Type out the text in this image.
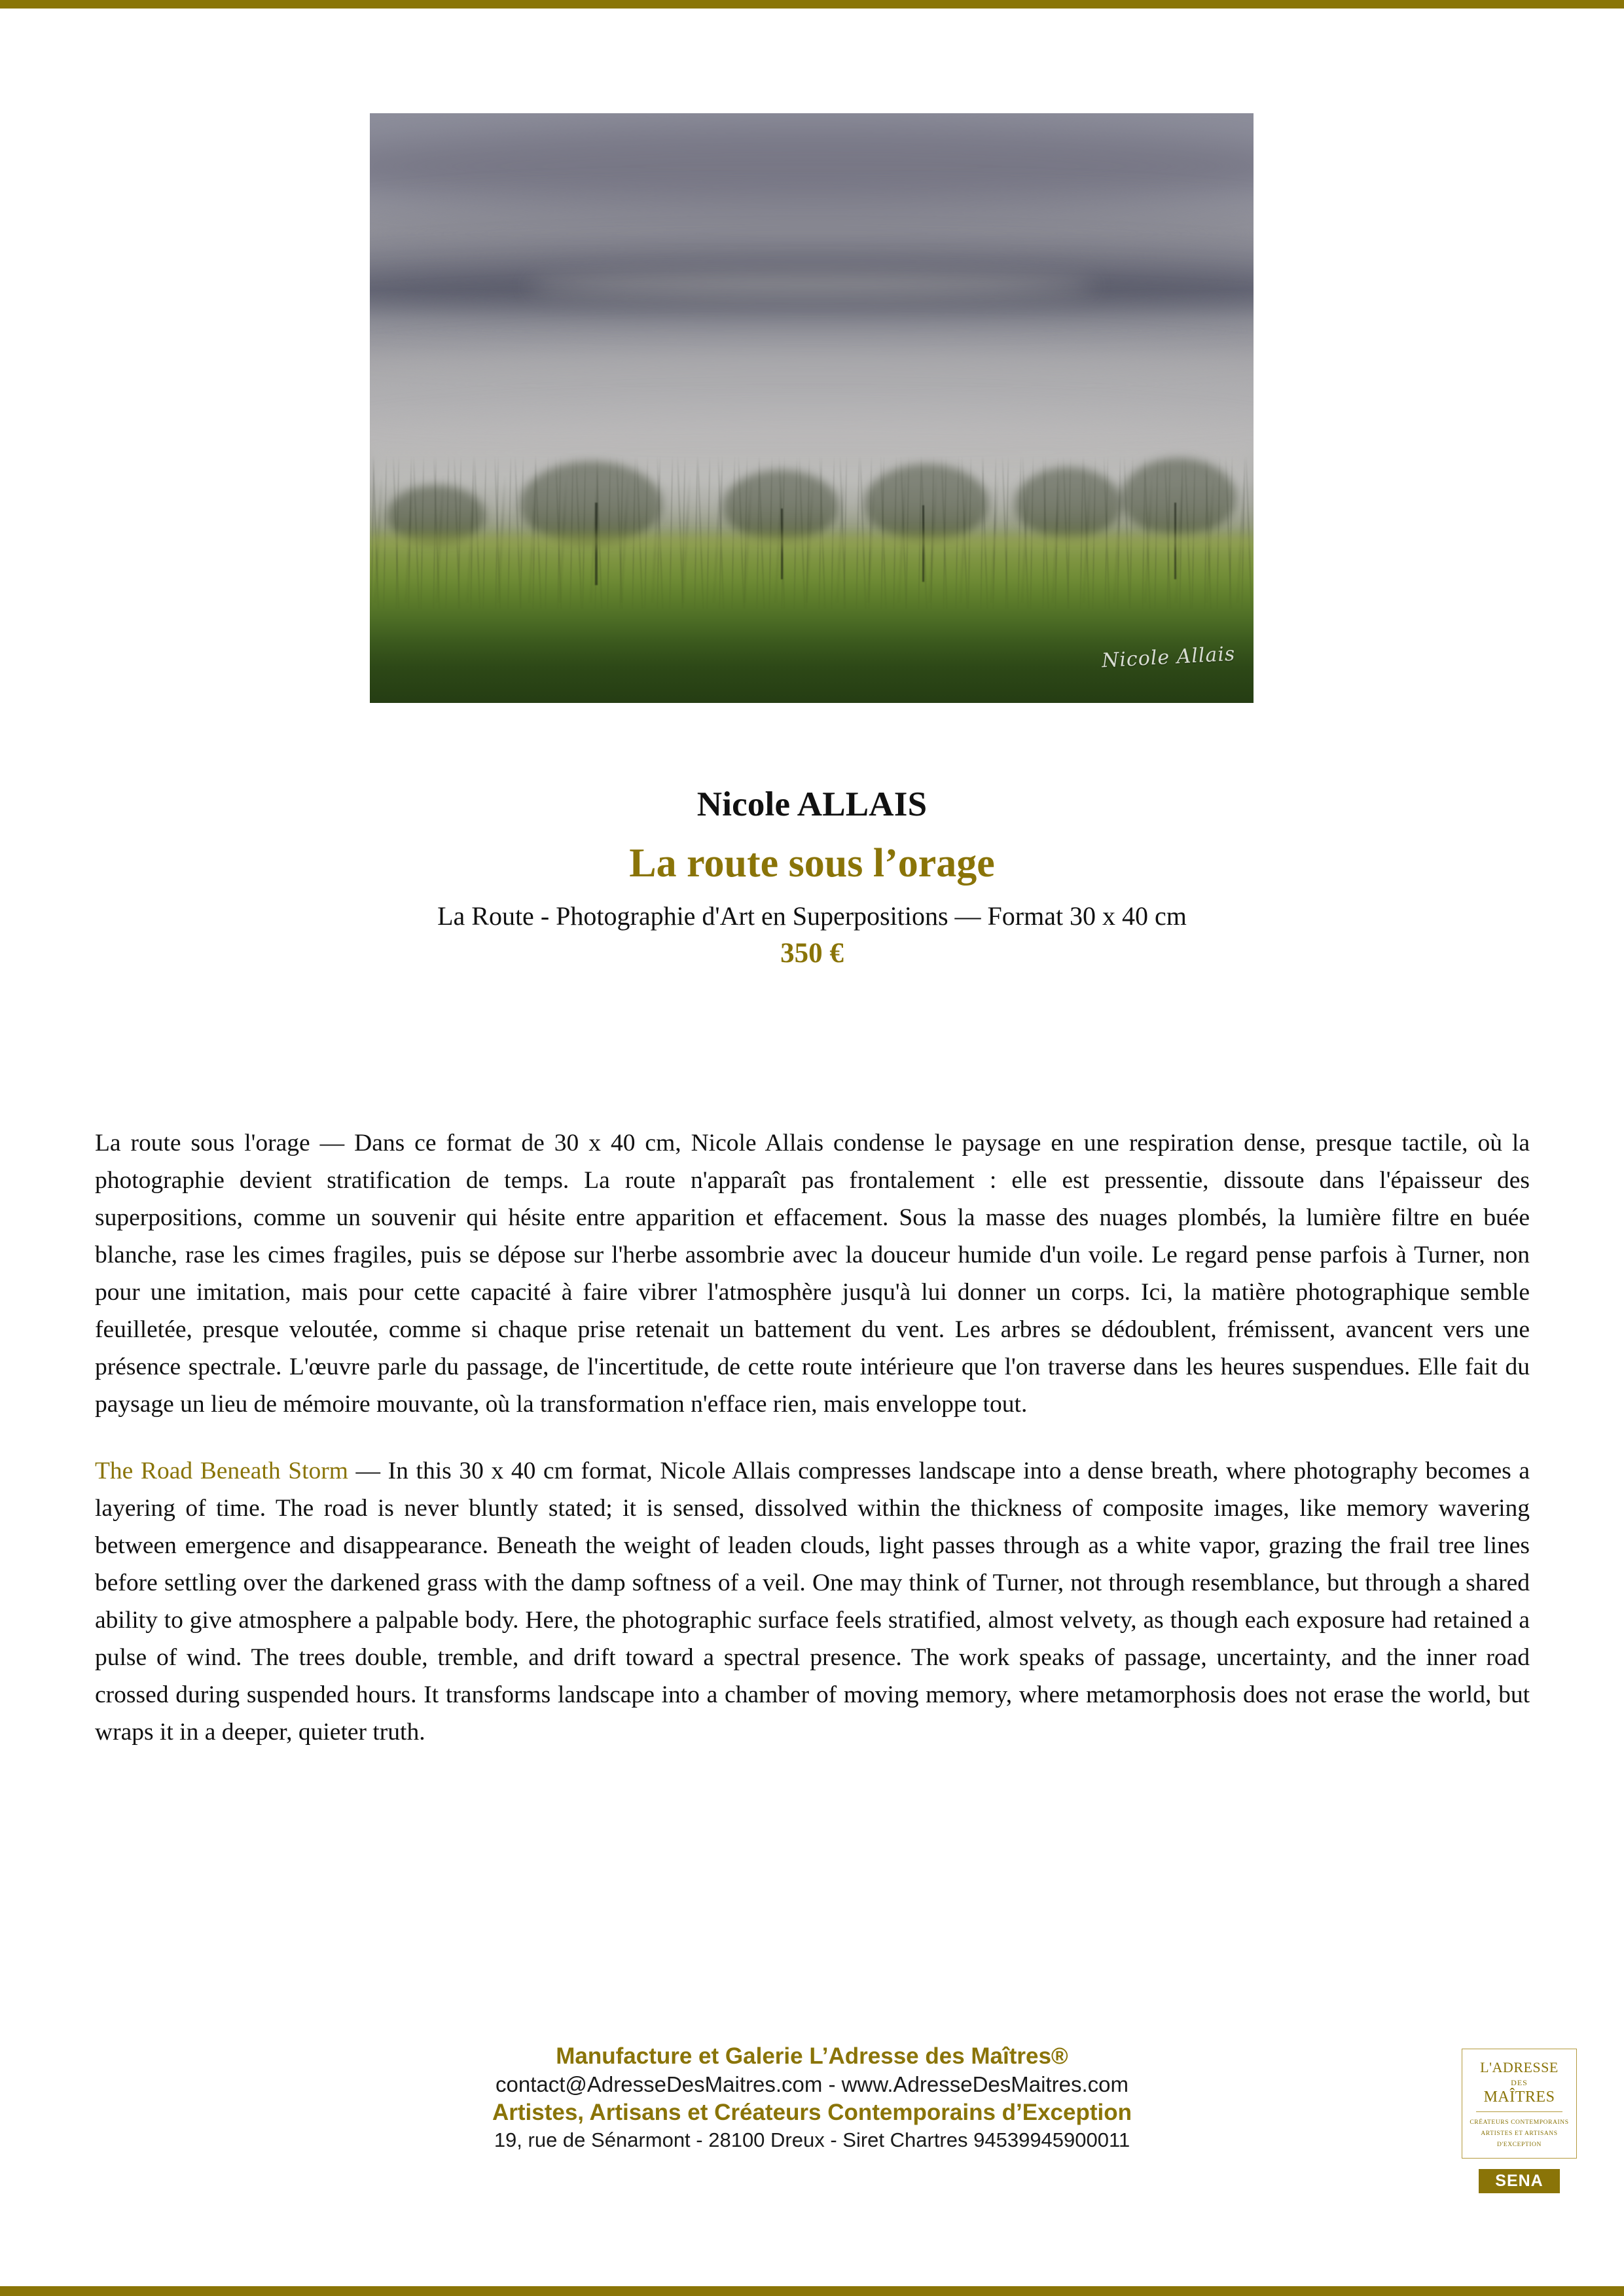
Nicole Allais
Nicole ALLAIS
La route sous l’orage
La Route - Photographie d'Art en Superpositions — Format 30 x 40 cm
350 €

La route sous l'orage — Dans ce format de 30 x 40 cm, Nicole Allais condense le paysage en une respiration dense, presque tactile, où la photographie devient stratification de temps. La route n'apparaît pas frontalement : elle est pressentie, dissoute dans l'épaisseur des superpositions, comme un souvenir qui hésite entre apparition et effacement. Sous la masse des nuages plombés, la lumière filtre en buée blanche, rase les cimes fragiles, puis se dépose sur l'herbe assombrie avec la douceur humide d'un voile. Le regard pense parfois à Turner, non pour une imitation, mais pour cette capacité à faire vibrer l'atmosphère jusqu'à lui donner un corps. Ici, la matière photographique semble feuilletée, presque veloutée, comme si chaque prise retenait un battement du vent. Les arbres se dédoublent, frémissent, avancent vers une présence spectrale. L'œuvre parle du passage, de l'incertitude, de cette route intérieure que l'on traverse dans les heures suspendues. Elle fait du paysage un lieu de mémoire mouvante, où la transformation n'efface rien, mais enveloppe tout.

The Road Beneath Storm — In this 30 x 40 cm format, Nicole Allais compresses landscape into a dense breath, where photography becomes a layering of time. The road is never bluntly stated; it is sensed, dissolved within the thickness of composite images, like memory wavering between emergence and disappearance. Beneath the weight of leaden clouds, light passes through as a white vapor, grazing the frail tree lines before settling over the darkened grass with the damp softness of a veil. One may think of Turner, not through resemblance, but through a shared ability to give atmosphere a palpable body. Here, the photographic surface feels stratified, almost velvety, as though each exposure had retained a pulse of wind. The trees double, tremble, and drift toward a spectral presence. The work speaks of passage, uncertainty, and the inner road crossed during suspended hours. It transforms landscape into a chamber of moving memory, where metamorphosis does not erase the world, but wraps it in a deeper, quieter truth.

Manufacture et Galerie L’Adresse des Maîtres®
contact@AdresseDesMaitres.com - www.AdresseDesMaitres.com
Artistes, Artisans et Créateurs Contemporains d’Exception
19, rue de Sénarmont - 28100 Dreux - Siret Chartres 94539945900011
L'ADRESSE
DES
MAÎTRES
CRÉATEURS CONTEMPORAINS
ARTISTES ET ARTISANS
D'EXCEPTION
SENA
